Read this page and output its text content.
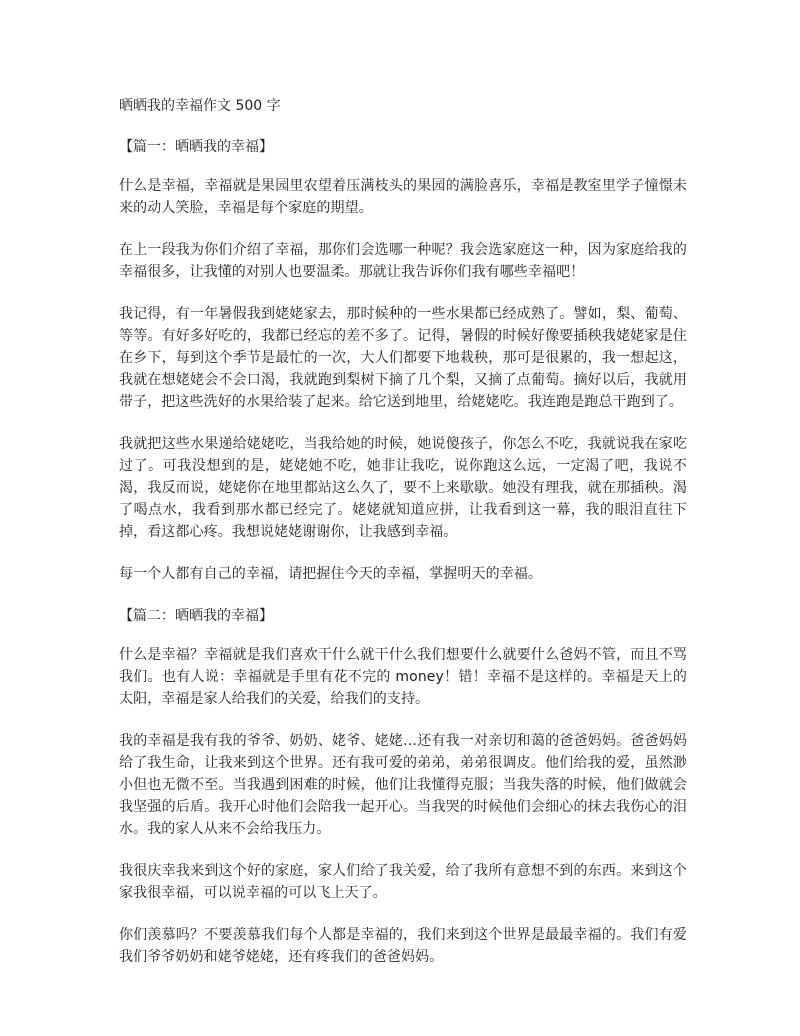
晒晒我的幸福作文 500 字
【篇一：晒晒我的幸福】

什么是幸福，幸福就是果园里农望着压满枝头的果园的满脸喜乐，幸福是教室里学子憧憬未来的动人笑脸，幸福是每个家庭的期望。

在上一段我为你们介绍了幸福，那你们会选哪一种呢？我会选家庭这一种，因为家庭给我的幸福很多，让我懂的对别人也要温柔。那就让我告诉你们我有哪些幸福吧！

我记得，有一年暑假我到姥姥家去，那时候种的一些水果都已经成熟了。譬如，梨、葡萄、等等。有好多好吃的，我都已经忘的差不多了。记得，暑假的时候好像要插秧我姥姥家是住在乡下，每到这个季节是最忙的一次，大人们都要下地栽秧，那可是很累的，我一想起这，我就在想姥姥会不会口渴，我就跑到梨树下摘了几个梨，又摘了点葡萄。摘好以后，我就用带子，把这些洗好的水果给装了起来。给它送到地里，给姥姥吃。我连跑是跑总干跑到了。

我就把这些水果递给姥姥吃，当我给她的时候，她说傻孩子，你怎么不吃，我就说我在家吃过了。可我没想到的是，姥姥她不吃，她非让我吃，说你跑这么远，一定渴了吧，我说不渴，我反而说，姥姥你在地里都站这么久了，要不上来歇歇。她没有理我，就在那插秧。渴了喝点水，我看到那水都已经完了。姥姥就知道应拼，让我看到这一幕，我的眼泪直往下掉，看这都心疼。我想说姥姥谢谢你，让我感到幸福。

每一个人都有自己的幸福，请把握住今天的幸福，掌握明天的幸福。

【篇二：晒晒我的幸福】

什么是幸福？幸福就是我们喜欢干什么就干什么我们想要什么就要什么爸妈不管，而且不骂我们。也有人说：幸福就是手里有花不完的 money！错！幸福不是这样的。幸福是天上的太阳，幸福是家人给我们的关爱，给我们的支持。

我的幸福是我有我的爷爷、奶奶、姥爷、姥姥…还有我一对亲切和蔼的爸爸妈妈。爸爸妈妈给了我生命，让我来到这个世界。还有我可爱的弟弟，弟弟很调皮。他们给我的爱，虽然渺小但也无微不至。当我遇到困难的时候，他们让我懂得克服；当我失落的时候，他们做就会我坚强的后盾。我开心时他们会陪我一起开心。当我哭的时候他们会细心的抹去我伤心的泪水。我的家人从来不会给我压力。

我很庆幸我来到这个好的家庭，家人们给了我关爱，给了我所有意想不到的东西。来到这个家我很幸福，可以说幸福的可以飞上天了。

你们羡慕吗？不要羡慕我们每个人都是幸福的，我们来到这个世界是最最幸福的。我们有爱我们爷爷奶奶和姥爷姥姥，还有疼我们的爸爸妈妈。
